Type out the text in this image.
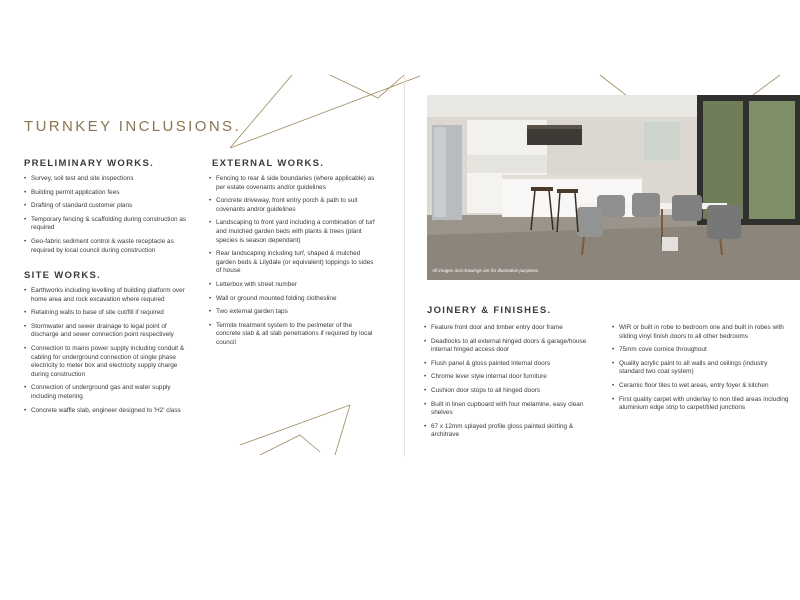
TURNKEY INCLUSIONS.
PRELIMINARY WORKS.
• Survey, soil test and site inspections
• Building permit application fees
• Drafting of standard customer plans
• Temporary fencing & scaffolding during construction as required
• Geo-fabric sediment control & waste receptacle as required by local council during construction
SITE WORKS.
• Earthworks including levelling of building platform over home area and rock excavation where required
• Retaining walls to base of site cut/fill if required
• Stormwater and sewer drainage to legal point of discharge and sewer connection point respectively
• Connection to mains power supply including conduit & cabling for underground connection of single phase electricity to meter box and electricity supply charge during construction
• Connection of underground gas and water supply including metering
• Concrete waffle slab, engineer designed to 'H2' class
EXTERNAL WORKS.
• Fencing to rear & side boundaries (where applicable) as per estate covenants and/or guidelines
• Concrete driveway, front entry porch & path to suit covenants and/or guidelines
• Landscaping to front yard including a combination of turf and mulched garden beds with plants & trees (plant species is season dependant)
• Rear landscaping including turf, shaped & mulched garden beds & Lilydale (or equivalent) toppings to sides of house
• Letterbox with street number
• Wall or ground mounted folding clothesline
• Two external garden taps
• Termite treatment system to the perimeter of the concrete slab & all slab penetrations if required by local council
All images and drawings are for illustrative purposes.
JOINERY & FINISHES.
• Feature front door and timber entry door frame
• Deadlocks to all external hinged doors & garage/house internal hinged access door
• Flush panel & gloss painted internal doors
• Chrome lever style internal door furniture
• Cushion door stops to all hinged doors
• Built in linen cupboard with four melamine, easy clean shelves
• 67 x 12mm splayed profile gloss painted skirting & architrave
• WIR or built in robe to bedroom one and built in robes with sliding vinyl finish doors to all other bedrooms
• 75mm cove cornice throughout
• Quality acrylic paint to all walls and ceilings (industry standard two coat system)
• Ceramic floor tiles to wet areas, entry foyer & kitchen
• First quality carpet with underlay to non tiled areas including aluminium edge strip to carpet/tiled junctions
